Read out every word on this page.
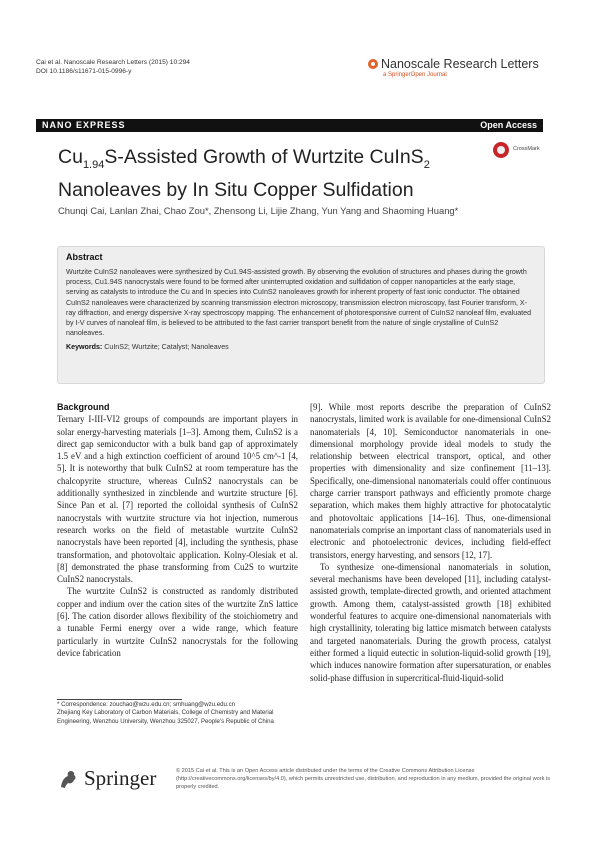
Cai et al. Nanoscale Research Letters (2015) 10:294
DOI 10.1186/s11671-015-0996-y
Nanoscale Research Letters
a SpringerOpen Journal
NANO EXPRESS	Open Access
$Cu_{1.94}S$-Assisted Growth of Wurtzite CuInS$_2$
Nanoleaves by In Situ Copper Sulfidation
CrossMark
Chunqi Cai, Lanlan Zhai, Chao Zou*, Zhensong Li, Lijie Zhang, Yun Yang and Shaoming Huang*
Abstract

Wurtzite CuInS2 nanoleaves were synthesized by Cu1.94S-assisted growth. By observing the evolution of structures and phases during the growth process, Cu1.94S nanocrystals were found to be formed after uninterrupted oxidation and sulfidation of copper nanoparticles at the early stage, serving as catalysts to introduce the Cu and In species into CuInS2 nanoleaves growth for inherent property of fast ionic conductor. The obtained CuInS2 nanoleaves were characterized by scanning transmission electron microscopy, transmission electron microscopy, fast Fourier transform, X-ray diffraction, and energy dispersive X-ray spectroscopy mapping. The enhancement of photoresponsive current of CuInS2 nanoleaf film, evaluated by I-V curves of nanoleaf film, is believed to be attributed to the fast carrier transport benefit from the nature of single crystalline of CuInS2 nanoleaves.

Keywords: CuInS2; Wurtzite; Catalyst; Nanoleaves
Background

Ternary I-III-VI2 groups of compounds are important players in solar energy-harvesting materials [1–3]. Among them, CuInS2 is a direct gap semiconductor with a bulk band gap of approximately 1.5 eV and a high extinction coefficient of around 10^5 cm^-1 [4, 5]. It is noteworthy that bulk CuInS2 at room temperature has the chalcopyrite structure, whereas CuInS2 nanocrystals can be additionally synthesized in zincblende and wurtzite structure [6]. Since Pan et al. [7] reported the colloidal synthesis of CuInS2 nanocrystals with wurtzite structure via hot injection, numerous research works on the field of metastable wurtzite CuInS2 nanocrystals have been reported [4], including the synthesis, phase transformation, and photovoltaic application. Kolny-Olesiak et al. [8] demonstrated the phase transforming from Cu2S to wurtzite CuInS2 nanocrystals.

The wurtzite CuInS2 is constructed as randomly distributed copper and indium over the cation sites of the wurtzite ZnS lattice [6]. The cation disorder allows flexibility of the stoichiometry and a tunable Fermi energy over a wide range, which feature particularly in wurtzite CuInS2 nanocrystals for the following device fabrication

[9]. While most reports describe the preparation of CuInS2 nanocrystals, limited work is available for one-dimensional CuInS2 nanomaterials [4, 10]. Semiconductor nanomaterials in one-dimensional morphology provide ideal models to study the relationship between electrical transport, optical, and other properties with dimensionality and size confinement [11–13]. Specifically, one-dimensional nanomaterials could offer continuous charge carrier transport pathways and efficiently promote charge separation, which makes them highly attractive for photocatalytic and photovoltaic applications [14–16]. Thus, one-dimensional nanomaterials comprise an important class of nanomaterials used in electronic and photoelectronic devices, including field-effect transistors, energy harvesting, and sensors [12, 17].

To synthesize one-dimensional nanomaterials in solution, several mechanisms have been developed [11], including catalyst-assisted growth, template-directed growth, and oriented attachment growth. Among them, catalyst-assisted growth [18] exhibited wonderful features to acquire one-dimensional nanomaterials with high crystallinity, tolerating big lattice mismatch between catalysts and targeted nanomaterials. During the growth process, catalyst either formed a liquid eutectic in solution-liquid-solid growth [19], which induces nanowire formation after supersaturation, or enables solid-phase diffusion in supercritical-fluid-liquid-solid

* Correspondence: zouchao@wzu.edu.cn; smhuang@wzu.edu.cn
Zhejiang Key Laboratory of Carbon Materials, College of Chemistry and Material Engineering, Wenzhou University, Wenzhou 325027, People's Republic of China
Springer	© 2015 Cai et al. This is an Open Access article distributed under the terms of the Creative Commons Attribution License (http://creativecommons.org/licenses/by/4.0), which permits unrestricted use, distribution, and reproduction in any medium, provided the original work is properly credited.
